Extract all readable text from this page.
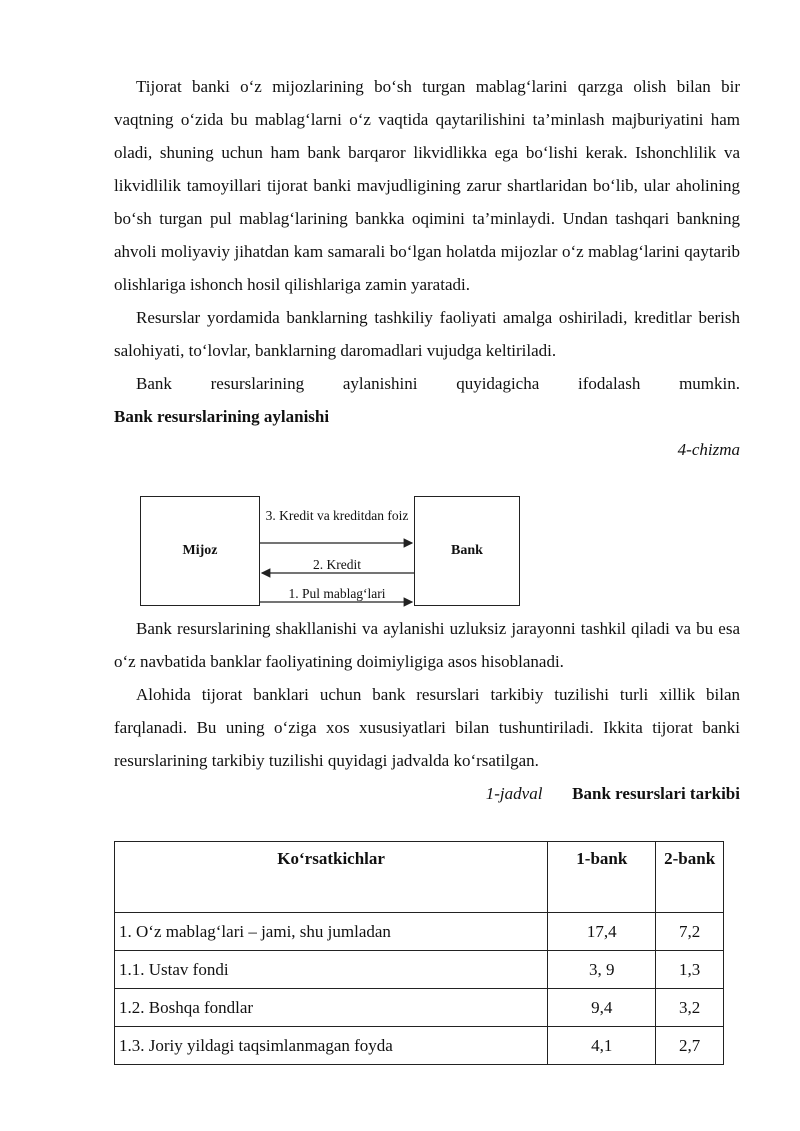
Tijorat banki o‘z mijozlarining bo‘sh turgan mablag‘larini qarzga olish bilan bir vaqtning o‘zida bu mablag‘larni o‘z vaqtida qaytarilishini ta’minlash majburiyatini ham oladi, shuning uchun ham bank barqaror likvidlikka ega bo‘lishi kerak. Ishonchlilik va likvidlilik tamoyillari tijorat banki mavjudligining zarur shartlaridan bo‘lib, ular aholining bo‘sh turgan pul mablag‘larining bankka oqimini ta’minlaydi. Undan tashqari bankning ahvoli moliyaviy jihatdan kam samarali bo‘lgan holatda mijozlar o‘z mablag‘larini qaytarib olishlariga ishonch hosil qilishlariga zamin yaratadi.

Resurslar yordamida banklarning tashkiliy faoliyati amalga oshiriladi, kreditlar berish salohiyati, to‘lovlar, banklarning daromadlari vujudga keltiriladi.

Bank resurslarining aylanishini quyidagicha ifodalash mumkin.

Bank resurslarining aylanishi

4-chizma

Mijoz	Bank
3. Kredit va kreditdan foiz
2. Kredit
1. Pul mablag‘lari

Bank resurslarining shakllanishi va aylanishi uzluksiz jarayonni tashkil qiladi va bu esa o‘z navbatida banklar faoliyatining doimiyligiga asos hisoblanadi.

Alohida tijorat banklari uchun bank resurslari tarkibiy tuzilishi turli xillik bilan farqlanadi. Bu uning o‘ziga xos xususiyatlari bilan tushuntiriladi. Ikkita tijorat banki resurslarining tarkibiy tuzilishi quyidagi jadvalda ko‘rsatilgan.

1-jadval Bank resurslari tarkibi

Ko‘rsatkichlar	1-bank	2-bank
1. O‘z mablag‘lari – jami, shu jumladan	17,4	7,2
1.1. Ustav fondi	3, 9	1,3
1.2. Boshqa fondlar	9,4	3,2
1.3. Joriy yildagi taqsimlanmagan foyda	4,1	2,7
